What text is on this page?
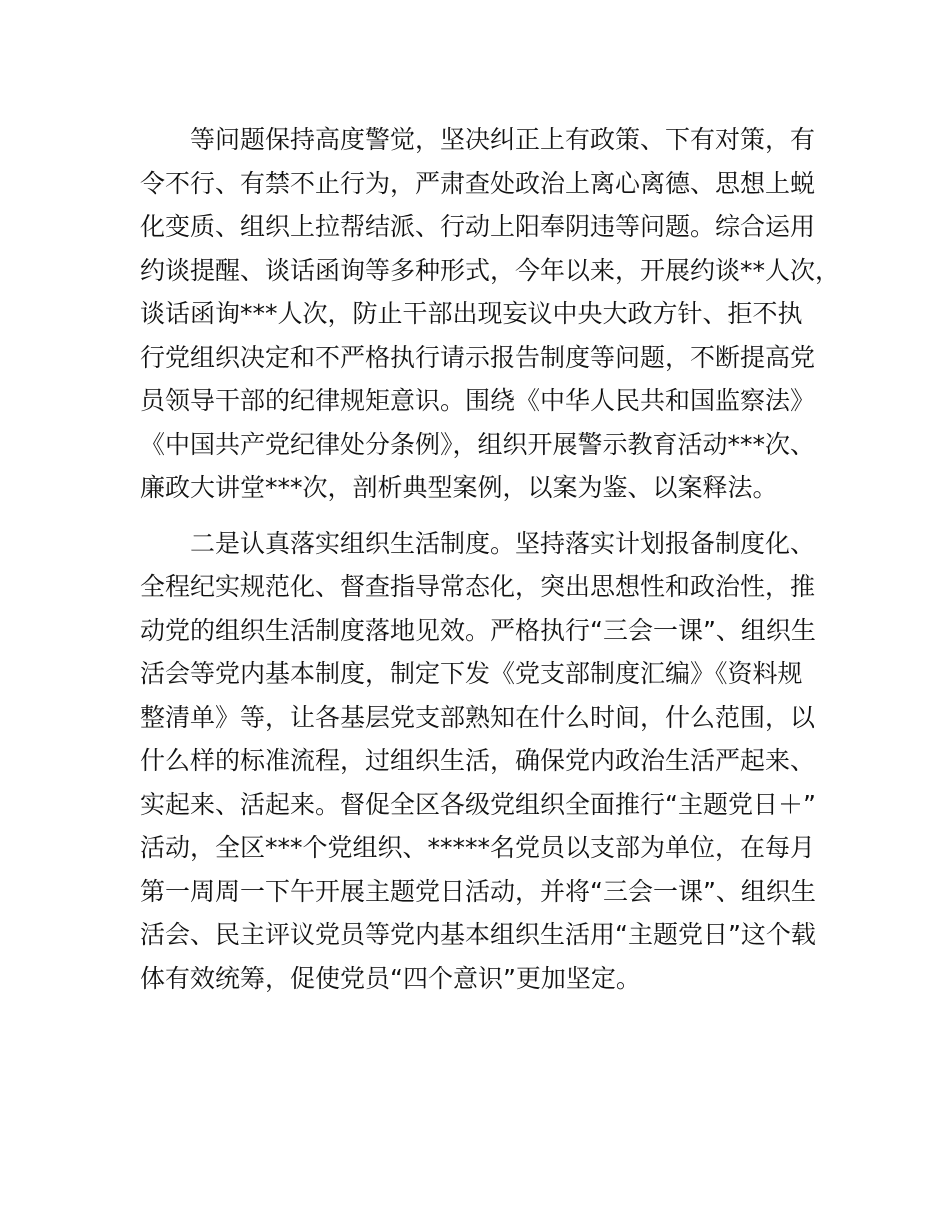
　　等问题保持高度警觉，坚决纠正上有政策、下有对策，有
令不行、有禁不止行为，严肃查处政治上离心离德、思想上蜕
化变质、组织上拉帮结派、行动上阳奉阴违等问题。综合运用
约谈提醒、谈话函询等多种形式，今年以来，开展约谈**人次，
谈话函询***人次，防止干部出现妄议中央大政方针、拒不执
行党组织决定和不严格执行请示报告制度等问题，不断提高党
员领导干部的纪律规矩意识。围绕《中华人民共和国监察法》
《中国共产党纪律处分条例》，组织开展警示教育活动***次、
廉政大讲堂***次，剖析典型案例，以案为鉴、以案释法。
　　二是认真落实组织生活制度。坚持落实计划报备制度化、
全程纪实规范化、督查指导常态化，突出思想性和政治性，推
动党的组织生活制度落地见效。严格执行“三会一课”、组织生
活会等党内基本制度，制定下发《党支部制度汇编》《资料规
整清单》等，让各基层党支部熟知在什么时间，什么范围，以
什么样的标准流程，过组织生活，确保党内政治生活严起来、
实起来、活起来。督促全区各级党组织全面推行“主题党日＋”
活动，全区***个党组织、*****名党员以支部为单位，在每月
第一周周一下午开展主题党日活动，并将“三会一课”、组织生
活会、民主评议党员等党内基本组织生活用“主题党日”这个载
体有效统筹，促使党员“四个意识”更加坚定。
